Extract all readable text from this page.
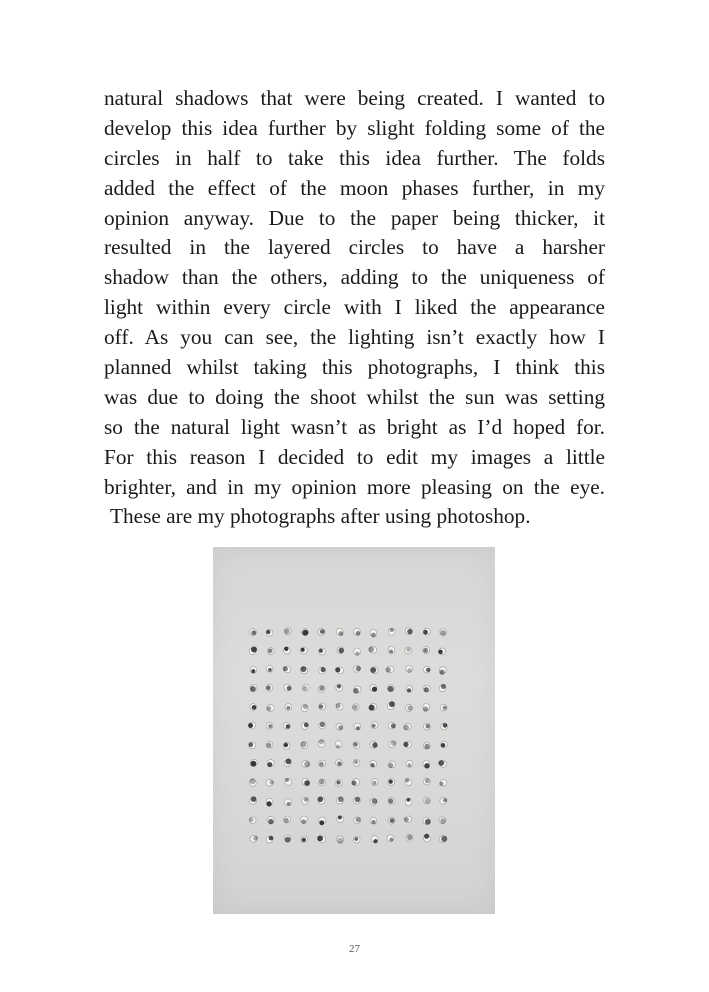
natural shadows that were being created. I wanted to
develop this idea further by slight folding some of the
circles in half to take this idea further. The folds
added the effect of the moon phases further, in my
opinion anyway. Due to the paper being thicker, it
resulted in the layered circles to have a harsher
shadow than the others, adding to the uniqueness of
light within every circle with I liked the appearance
off. As you can see, the lighting isn’t exactly how I
planned whilst taking this photographs, I think this
was due to doing the shoot whilst the sun was setting
so the natural light wasn’t as bright as I’d hoped for.
For this reason I decided to edit my images a little
brighter, and in my opinion more pleasing on the eye.
These are my photographs after using photoshop.
27
